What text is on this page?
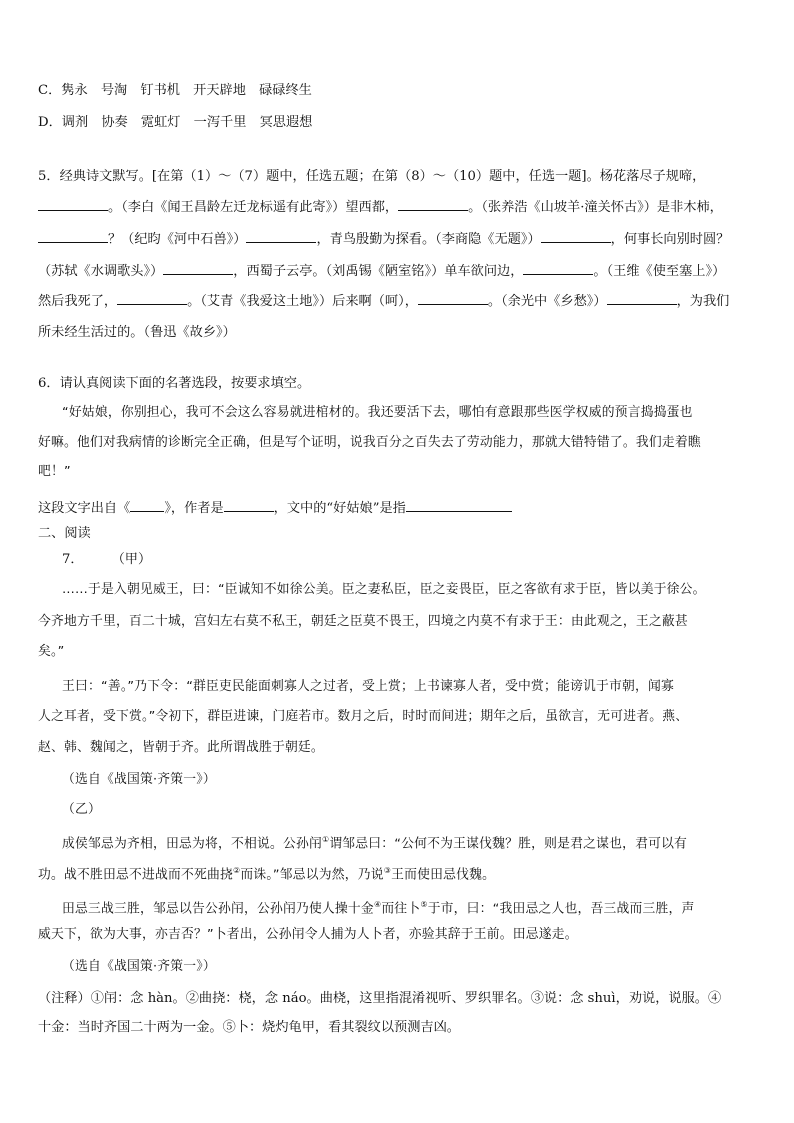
C．隽永　号淘　钉书机　开天辟地　碌碌终生
D．调剂　协奏　霓虹灯　一泻千里　冥思遐想
5．经典诗文默写。[在第（1）～（7）题中，任选五题；在第（8）～（10）题中，任选一题]。杨花落尽子规啼，
。（李白《闻王昌龄左迁龙标遥有此寄》）望西都，	。（张养浩《山坡羊·潼关怀古》）是非木柿，
？（纪昀《河中石兽》）	，青鸟殷勤为探看。（李商隐《无题》）	，何事长向别时圆？
（苏轼《水调歌头》）	，西蜀子云亭。（刘禹锡《陋室铭》）单车欲问边，	。（王维《使至塞上》）
然后我死了，	。（艾青《我爱这土地》）后来啊（呵），	。（余光中《乡愁》）	，为我们
所未经生活过的。（鲁迅《故乡》）
6．请认真阅读下面的名著选段，按要求填空。
“好姑娘，你别担心，我可不会这么容易就进棺材的。我还要活下去，哪怕有意跟那些医学权威的预言捣捣蛋也
好嘛。他们对我病情的诊断完全正确，但是写个证明，说我百分之百失去了劳动能力，那就大错特错了。我们走着瞧
吧！”
这段文字出自《	》，作者是	，文中的“好姑娘”是指
二、阅读
7． （甲）
……于是入朝见威王，曰：“臣诚知不如徐公美。臣之妻私臣，臣之妾畏臣，臣之客欲有求于臣，皆以美于徐公。
今齐地方千里，百二十城，宫妇左右莫不私王，朝廷之臣莫不畏王，四境之内莫不有求于王：由此观之，王之蔽甚
矣。”
王曰：“善。”乃下令：“群臣吏民能面刺寡人之过者，受上赏；上书谏寡人者，受中赏；能谤讥于市朝，闻寡
人之耳者，受下赏。”令初下，群臣进谏，门庭若市。数月之后，时时而间进；期年之后，虽欲言，无可进者。燕、
赵、韩、魏闻之，皆朝于齐。此所谓战胜于朝廷。
（选自《战国策·齐策一》）
（乙）
成侯邹忌为齐相，田忌为将，不相说。公孙闬①谓邹忌曰：“公何不为王谋伐魏？胜，则是君之谋也，君可以有
功。战不胜田忌不进战而不死曲挠②而诛。”邹忌以为然，乃说③王而使田忌伐魏。
田忌三战三胜，邹忌以告公孙闬，公孙闬乃使人操十金④而往卜⑤于市，曰：“我田忌之人也，吾三战而三胜，声
威天下，欲为大事，亦吉否？”卜者出，公孙闬令人捕为人卜者，亦验其辞于王前。田忌遂走。
（选自《战国策·齐策一》）
（注释）①闬：念 hàn。②曲挠：桡，念 náo。曲桡，这里指混淆视听、罗织罪名。③说：念 shuì，劝说，说服。④
十金：当时齐国二十两为一金。⑤卜：烧灼龟甲，看其裂纹以预测吉凶。
